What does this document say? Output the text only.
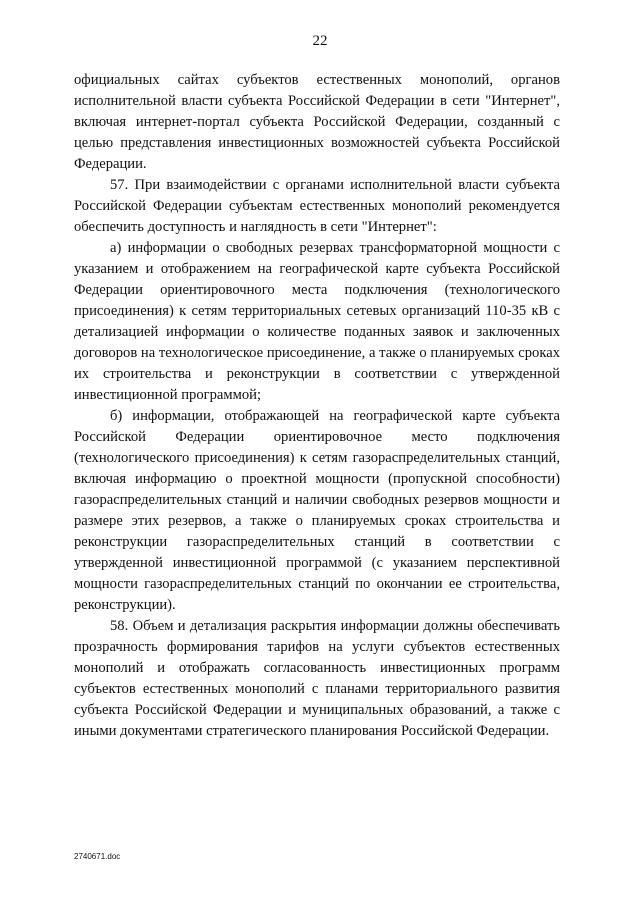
22

официальных сайтах субъектов естественных монополий, органов исполнительной власти субъекта Российской Федерации в сети "Интернет", включая интернет-портал субъекта Российской Федерации, созданный с целью представления инвестиционных возможностей субъекта Российской Федерации.

57. При взаимодействии с органами исполнительной власти субъекта Российской Федерации субъектам естественных монополий рекомендуется обеспечить доступность и наглядность в сети "Интернет":

а) информации о свободных резервах трансформаторной мощности с указанием и отображением на географической карте субъекта Российской Федерации ориентировочного места подключения (технологического присоединения) к сетям территориальных сетевых организаций 110-35 кВ с детализацией информации о количестве поданных заявок и заключенных договоров на технологическое присоединение, а также о планируемых сроках их строительства и реконструкции в соответствии с утвержденной инвестиционной программой;

б) информации, отображающей на географической карте субъекта Российской Федерации ориентировочное место подключения (технологического присоединения) к сетям газораспределительных станций, включая информацию о проектной мощности (пропускной способности) газораспределительных станций и наличии свободных резервов мощности и размере этих резервов, а также о планируемых сроках строительства и реконструкции газораспределительных станций в соответствии с утвержденной инвестиционной программой (с указанием перспективной мощности газораспределительных станций по окончании ее строительства, реконструкции).

58. Объем и детализация раскрытия информации должны обеспечивать прозрачность формирования тарифов на услуги субъектов естественных монополий и отображать согласованность инвестиционных программ субъектов естественных монополий с планами территориального развития субъекта Российской Федерации и муниципальных образований, а также с иными документами стратегического планирования Российской Федерации.

2740671.doc
